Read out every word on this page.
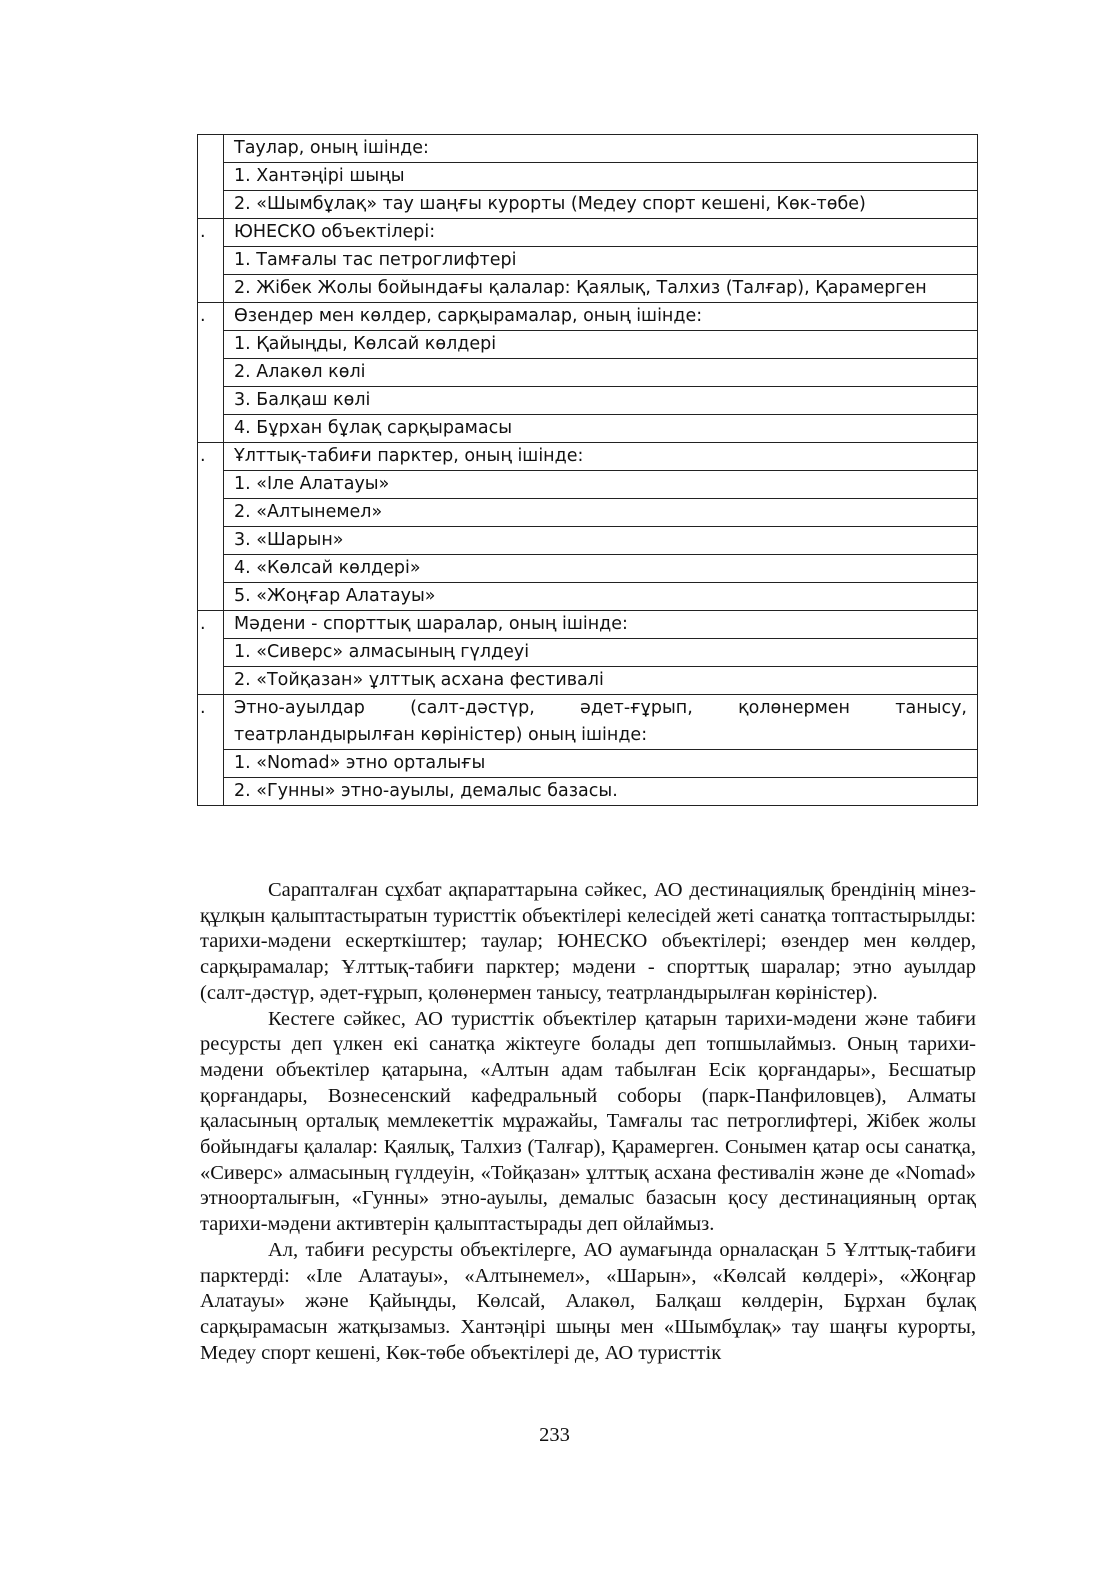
	Таулар, оның ішінде:
	1. Хантәңірі шыңы
	2. «Шымбұлақ» тау шаңғы курорты (Медеу спорт кешені, Көк-төбе)

.	ЮНЕСКО объектілері:
	1. Тамғалы тас петроглифтері
	2. Жібек Жолы бойындағы қалалар: Қаялық, Талхиз (Талғар), Қарамерген

.	Өзендер мен көлдер, сарқырамалар, оның ішінде:
	1. Қайыңды, Көлсай көлдері
	2. Алакөл көлі
	3. Балқаш көлі
	4. Бұрхан бұлақ сарқырамасы

.	Ұлттық-табиғи парктер, оның ішінде:
	1. «Іле Алатауы»
	2. «Алтынемел»
	3. «Шарын»
	4. «Көлсай көлдері»
	5. «Жоңғар Алатауы»

.	Мәдени - спорттық шаралар, оның ішінде:
	1. «Сиверс» алмасының гүлдеуі
	2. «Тойқазан» ұлттық асхана фестивалі

.	Этно-ауылдар (салт-дәстүр, әдет-ғұрып, қолөнермен танысу, театрландырылған көріністер) оның ішінде:
	1. «Nomad» этно орталығы
	2. «Гунны» этно-ауылы, демалыс базасы.

Сарапталған сұхбат ақпараттарына сәйкес, АО дестинациялық брендінің мінез-құлқын қалыптастыратын туристтік объектілері келесідей жеті санатқа топтастырылды: тарихи-мәдени ескерткіштер; таулар; ЮНЕСКО объектілері; өзендер мен көлдер, сарқырамалар; Ұлттық-табиғи парктер; мәдени - спорттық шаралар; этно ауылдар (салт-дәстүр, әдет-ғұрып, қолөнермен танысу, театрландырылған көріністер).

Кестеге сәйкес, АО туристтік объектілер қатарын тарихи-мәдени және табиғи ресурсты деп үлкен екі санатқа жіктеуге болады деп топшылаймыз. Оның тарихи-мәдени объектілер қатарына, «Алтын адам табылған Есік қорғандары», Бесшатыр қорғандары, Вознесенский кафедральный соборы (парк-Панфиловцев), Алматы қаласының орталық мемлекеттік мұражайы, Тамғалы тас петроглифтері, Жібек жолы бойындағы қалалар: Қаялық, Талхиз (Талғар), Қарамерген. Сонымен қатар осы санатқа, «Сиверс» алмасының гүлдеуін, «Тойқазан» ұлттық асхана фестивалін және де «Nomad» этноорталығын, «Гунны» этно-ауылы, демалыс базасын қосу дестинацияның ортақ тарихи-мәдени активтерін қалыптастырады деп ойлаймыз.

Ал, табиғи ресурсты объектілерге, АО аумағында орналасқан 5 Ұлттық-табиғи парктерді: «Іле Алатауы», «Алтынемел», «Шарын», «Көлсай көлдері», «Жоңғар Алатауы» және Қайыңды, Көлсай, Алакөл, Балқаш көлдерін, Бұрхан бұлақ сарқырамасын жатқызамыз. Хантәңірі шыңы мен «Шымбұлақ» тау шаңғы курорты, Медеу спорт кешені, Көк-төбе объектілері де, АО туристтік

233
